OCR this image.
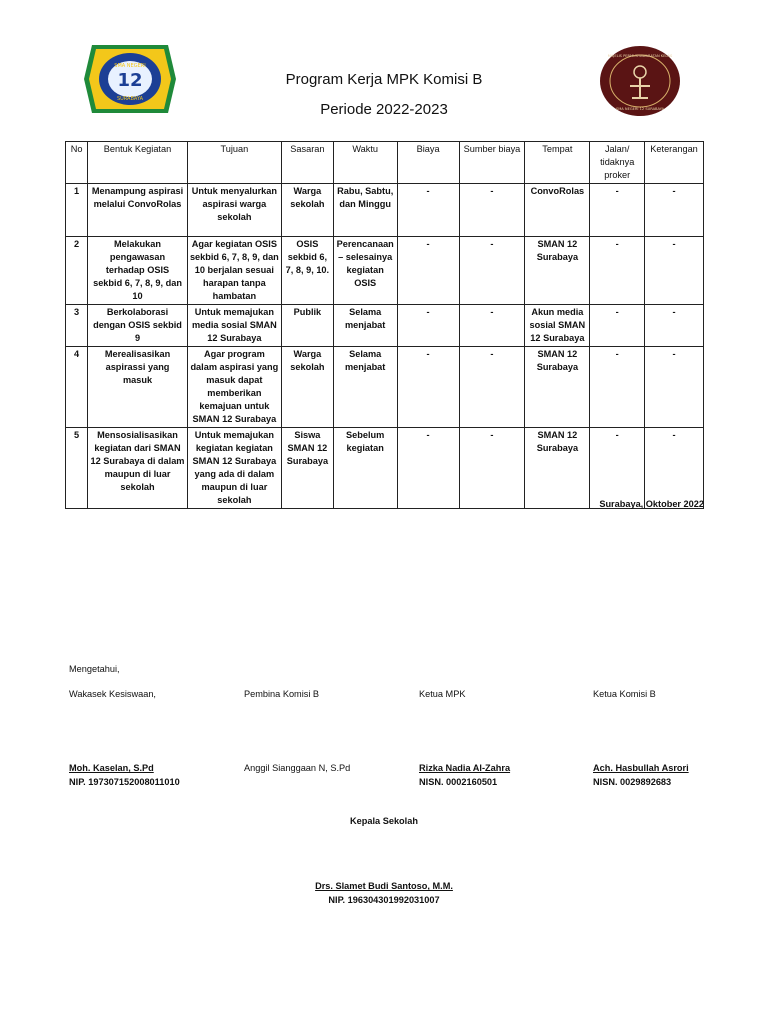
SMA NEGERI
12
SURABAYA
MAJELIS PERMUSYAWARATAN KELAS
SMA NEGERI 12 SURABAYA
Program Kerja MPK Komisi B
Periode 2022-2023
No	Bentuk Kegiatan	Tujuan	Sasaran	Waktu	Biaya	Sumber biaya	Tempat	Jalan/ tidaknya proker	Keterangan
1	Menampung aspirasi melalui ConvoRolas	Untuk menyalurkan aspirasi warga sekolah	Warga sekolah	Rabu, Sabtu, dan Minggu	-	-	ConvoRolas	-	-
2	Melakukan pengawasan terhadap OSIS sekbid 6, 7, 8, 9, dan 10	Agar kegiatan OSIS sekbid 6, 7, 8, 9, dan 10 berjalan sesuai harapan tanpa hambatan	OSIS sekbid 6, 7, 8, 9, 10.	Perencanaan – selesainya kegiatan OSIS	-	-	SMAN 12 Surabaya	-	-
3	Berkolaborasi dengan OSIS sekbid 9	Untuk memajukan media sosial SMAN 12 Surabaya	Publik	Selama menjabat	-	-	Akun media sosial SMAN 12 Surabaya	-	-
4	Merealisasikan aspirassi yang masuk	Agar program dalam aspirasi yang masuk dapat memberikan kemajuan untuk SMAN 12 Surabaya	Warga sekolah	Selama menjabat	-	-	SMAN 12 Surabaya	-	-
5	Mensosialisasikan kegiatan dari SMAN 12 Surabaya di dalam maupun di luar sekolah	Untuk memajukan kegiatan kegiatan SMAN 12 Surabaya yang ada di dalam maupun di luar sekolah	Siswa SMAN 12 Surabaya	Sebelum kegiatan	-	-	SMAN 12 Surabaya	-	-
Surabaya, Oktober 2022
Mengetahui,
Wakasek Kesiswaan,	Pembina Komisi B	Ketua MPK	Ketua Komisi B
Moh. Kaselan, S.Pd
NIP. 197307152008011010
Anggil Sianggaan N, S.Pd	Rizka Nadia Al-Zahra
NISN. 0002160501
Ach. Hasbullah Asrori
NISN. 0029892683
Kepala Sekolah
Drs. Slamet Budi Santoso, M.M.
NIP. 196304301992031007
